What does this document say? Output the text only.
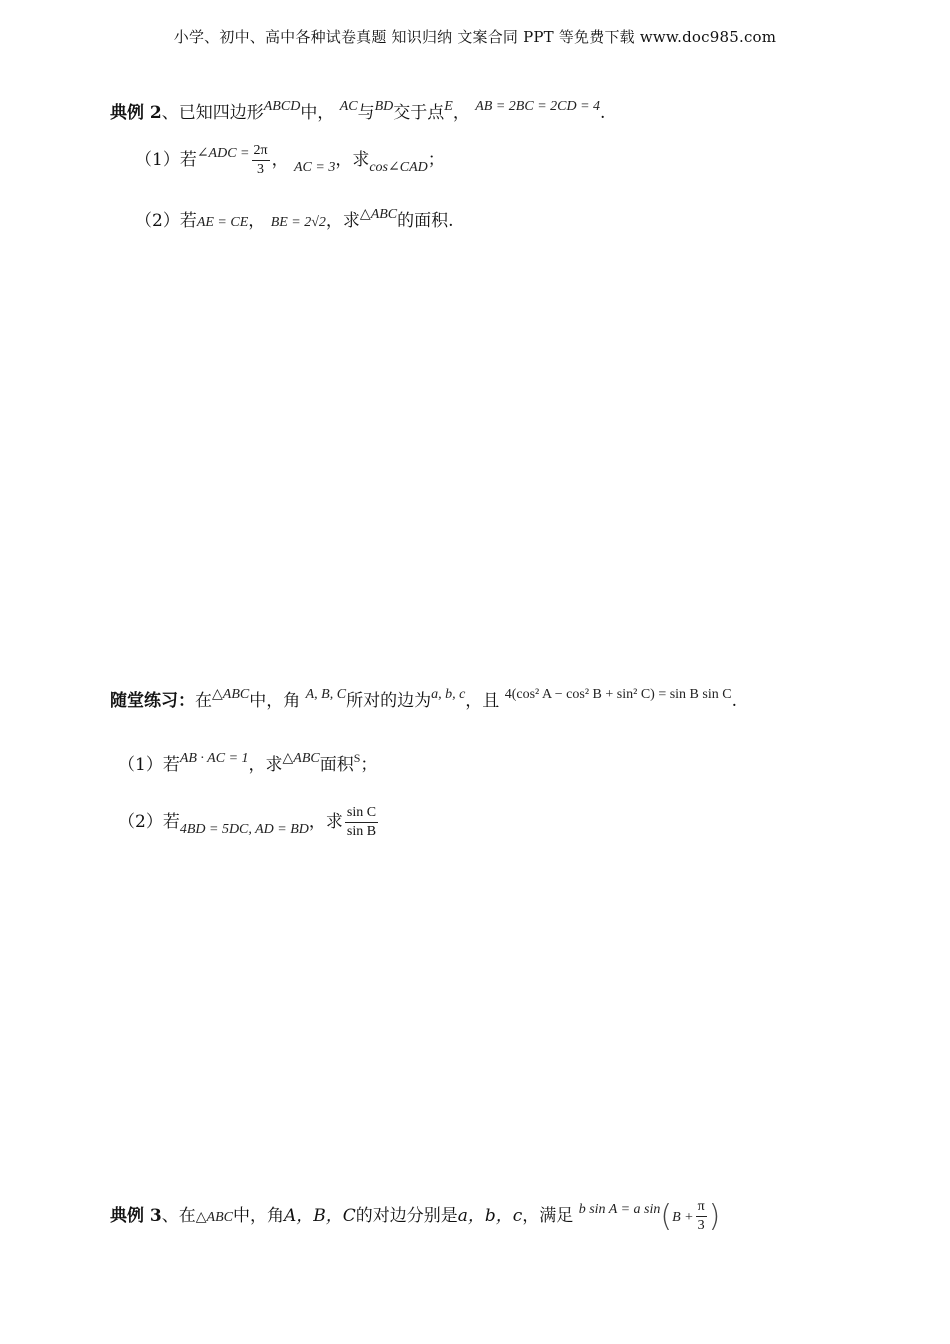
小学、初中、高中各种试卷真题 知识归纳 文案合同 PPT 等免费下载 www.doc985.com
典例 2、已知四边形$^{ABCD}$中， $^{AC}$与$^{BD}$交于点$^E$， $^{AB = 2BC = 2CD = 4}$.
（1）若$^{\angle ADC =} \frac{2\pi}{3}$ ， $_{AC = 3}$，求$_{cos\angle CAD}$；
（2）若AE = CE， BE = 2√2，求$^{\triangle ABC}$的面积.
随堂练习：在$^{\triangle ABC}$中，角 $^{A, B, C}$所对的边为$^{a, b, c}$，且 $^{4(cos^2 A - cos^2 B + sin^2 C) = sin B sin C}$.
（1）若$^{AB \cdot AC = 1}$，求$^{\triangle ABC}$面积$^S$；
（2）若$_{4BD = 5DC, AD = BD}$，求 $\frac{\text{sin C}}{\text{sin B}}$
典例 3、在△ABC中，角A，B，C的对边分别是a，b，c，满足 $^{b sin A = a sin}(B + \frac{\pi}{3}$ )
